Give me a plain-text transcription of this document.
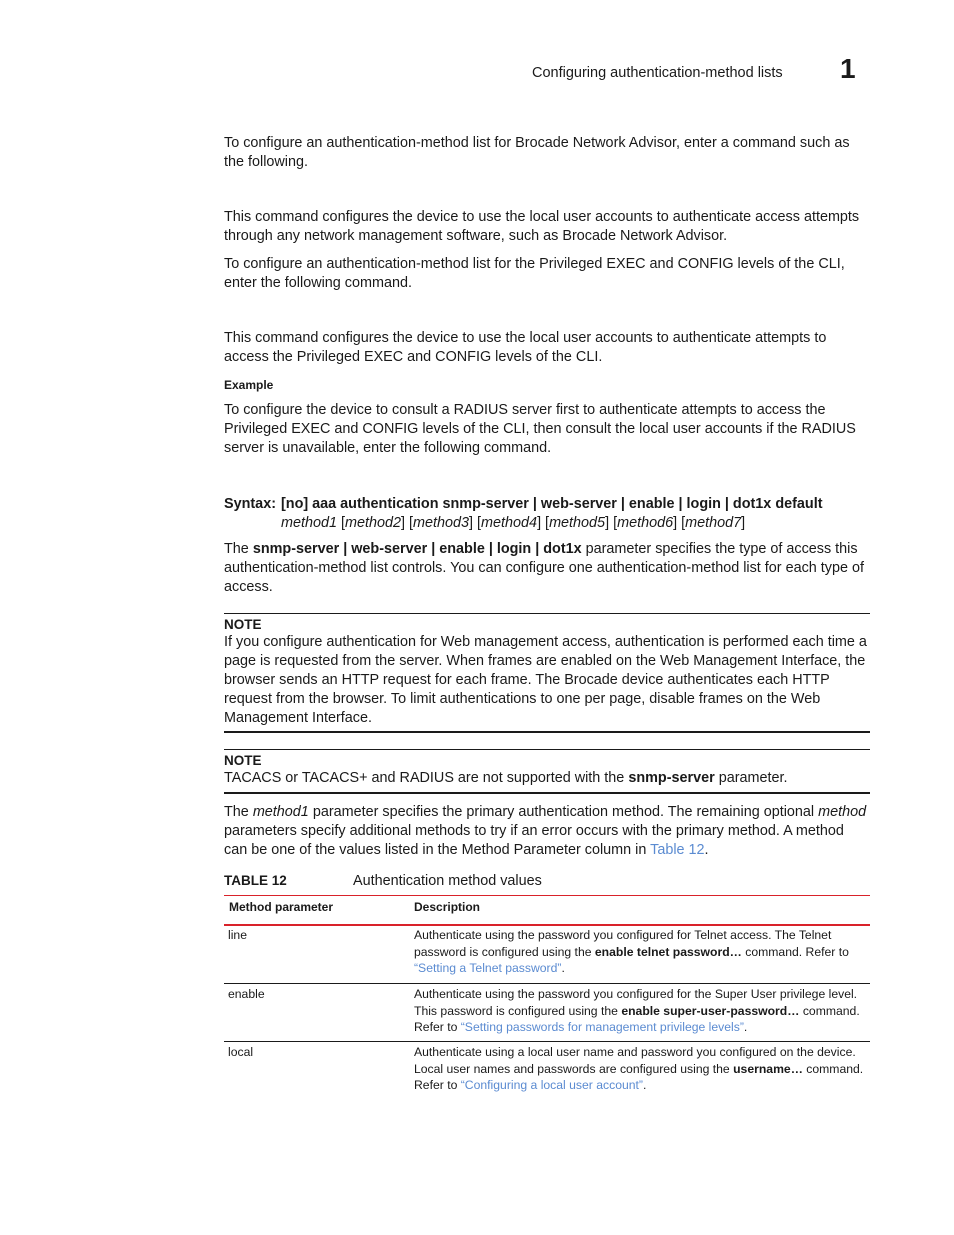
Configuring authentication-method lists 1

To configure an authentication-method list for Brocade Network Advisor, enter a command such as the following.

This command configures the device to use the local user accounts to authenticate access attempts through any network management software, such as Brocade Network Advisor.

To configure an authentication-method list for the Privileged EXEC and CONFIG levels of the CLI, enter the following command.

This command configures the device to use the local user accounts to authenticate attempts to access the Privileged EXEC and CONFIG levels of the CLI.

Example

To configure the device to consult a RADIUS server first to authenticate attempts to access the Privileged EXEC and CONFIG levels of the CLI, then consult the local user accounts if the RADIUS server is unavailable, enter the following command.

Syntax: [no] aaa authentication snmp-server | web-server | enable | login | dot1x default
method1 [method2] [method3] [method4] [method5] [method6] [method7]

The snmp-server | web-server | enable | login | dot1x parameter specifies the type of access this authentication-method list controls. You can configure one authentication-method list for each type of access.

NOTE

If you configure authentication for Web management access, authentication is performed each time a page is requested from the server. When frames are enabled on the Web Management Interface, the browser sends an HTTP request for each frame. The Brocade device authenticates each HTTP request from the browser. To limit authentications to one per page, disable frames on the Web Management Interface.

NOTE

TACACS or TACACS+ and RADIUS are not supported with the snmp-server parameter.

The method1 parameter specifies the primary authentication method. The remaining optional method parameters specify additional methods to try if an error occurs with the primary method. A method can be one of the values listed in the Method Parameter column in Table 12.

TABLE 12	Authentication method values
Method parameter	Description
line	Authenticate using the password you configured for Telnet access. The Telnet password is configured using the enable telnet password… command. Refer to “Setting a Telnet password”.
enable	Authenticate using the password you configured for the Super User privilege level. This password is configured using the enable super-user-password… command. Refer to “Setting passwords for management privilege levels”.
local	Authenticate using a local user name and password you configured on the device. Local user names and passwords are configured using the username… command. Refer to “Configuring a local user account”.
